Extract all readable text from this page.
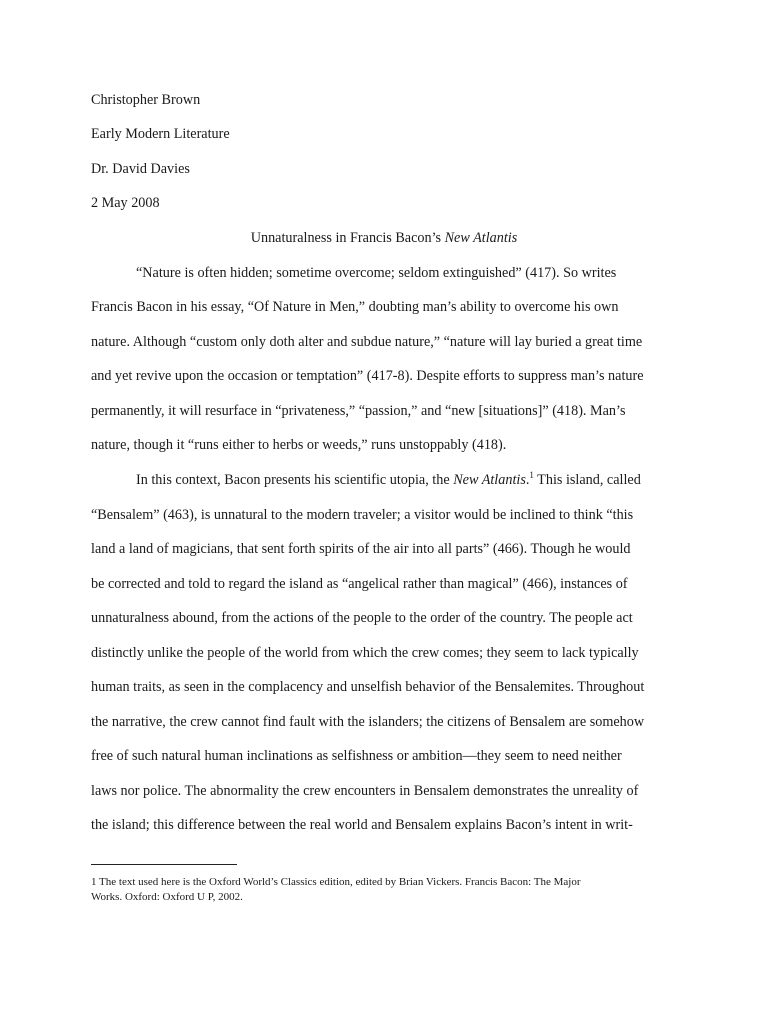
Christopher Brown
Early Modern Literature
Dr. David Davies
2 May 2008
Unnaturalness in Francis Bacon’s New Atlantis
“Nature is often hidden; sometime overcome; seldom extinguished” (417). So writes
Francis Bacon in his essay, “Of Nature in Men,” doubting man’s ability to overcome his own
nature. Although “custom only doth alter and subdue nature,” “nature will lay buried a great time
and yet revive upon the occasion or temptation” (417-8). Despite efforts to suppress man’s nature
permanently, it will resurface in “privateness,” “passion,” and “new [situations]” (418). Man’s
nature, though it “runs either to herbs or weeds,” runs unstoppably (418).
In this context, Bacon presents his scientific utopia, the New Atlantis.$^1$ This island, called
“Bensalem” (463), is unnatural to the modern traveler; a visitor would be inclined to think “this
land a land of magicians, that sent forth spirits of the air into all parts” (466). Though he would
be corrected and told to regard the island as “angelical rather than magical” (466), instances of
unnaturalness abound, from the actions of the people to the order of the country. The people act
distinctly unlike the people of the world from which the crew comes; they seem to lack typically
human traits, as seen in the complacency and unselfish behavior of the Bensalemites. Throughout
the narrative, the crew cannot find fault with the islanders; the citizens of Bensalem are somehow
free of such natural human inclinations as selfishness or ambition—they seem to need neither
laws nor police. The abnormality the crew encounters in Bensalem demonstrates the unreality of
the island; this difference between the real world and Bensalem explains Bacon’s intent in writ-
1 The text used here is the Oxford World’s Classics edition, edited by Brian Vickers. Francis Bacon: The Major
Works. Oxford: Oxford U P, 2002.
